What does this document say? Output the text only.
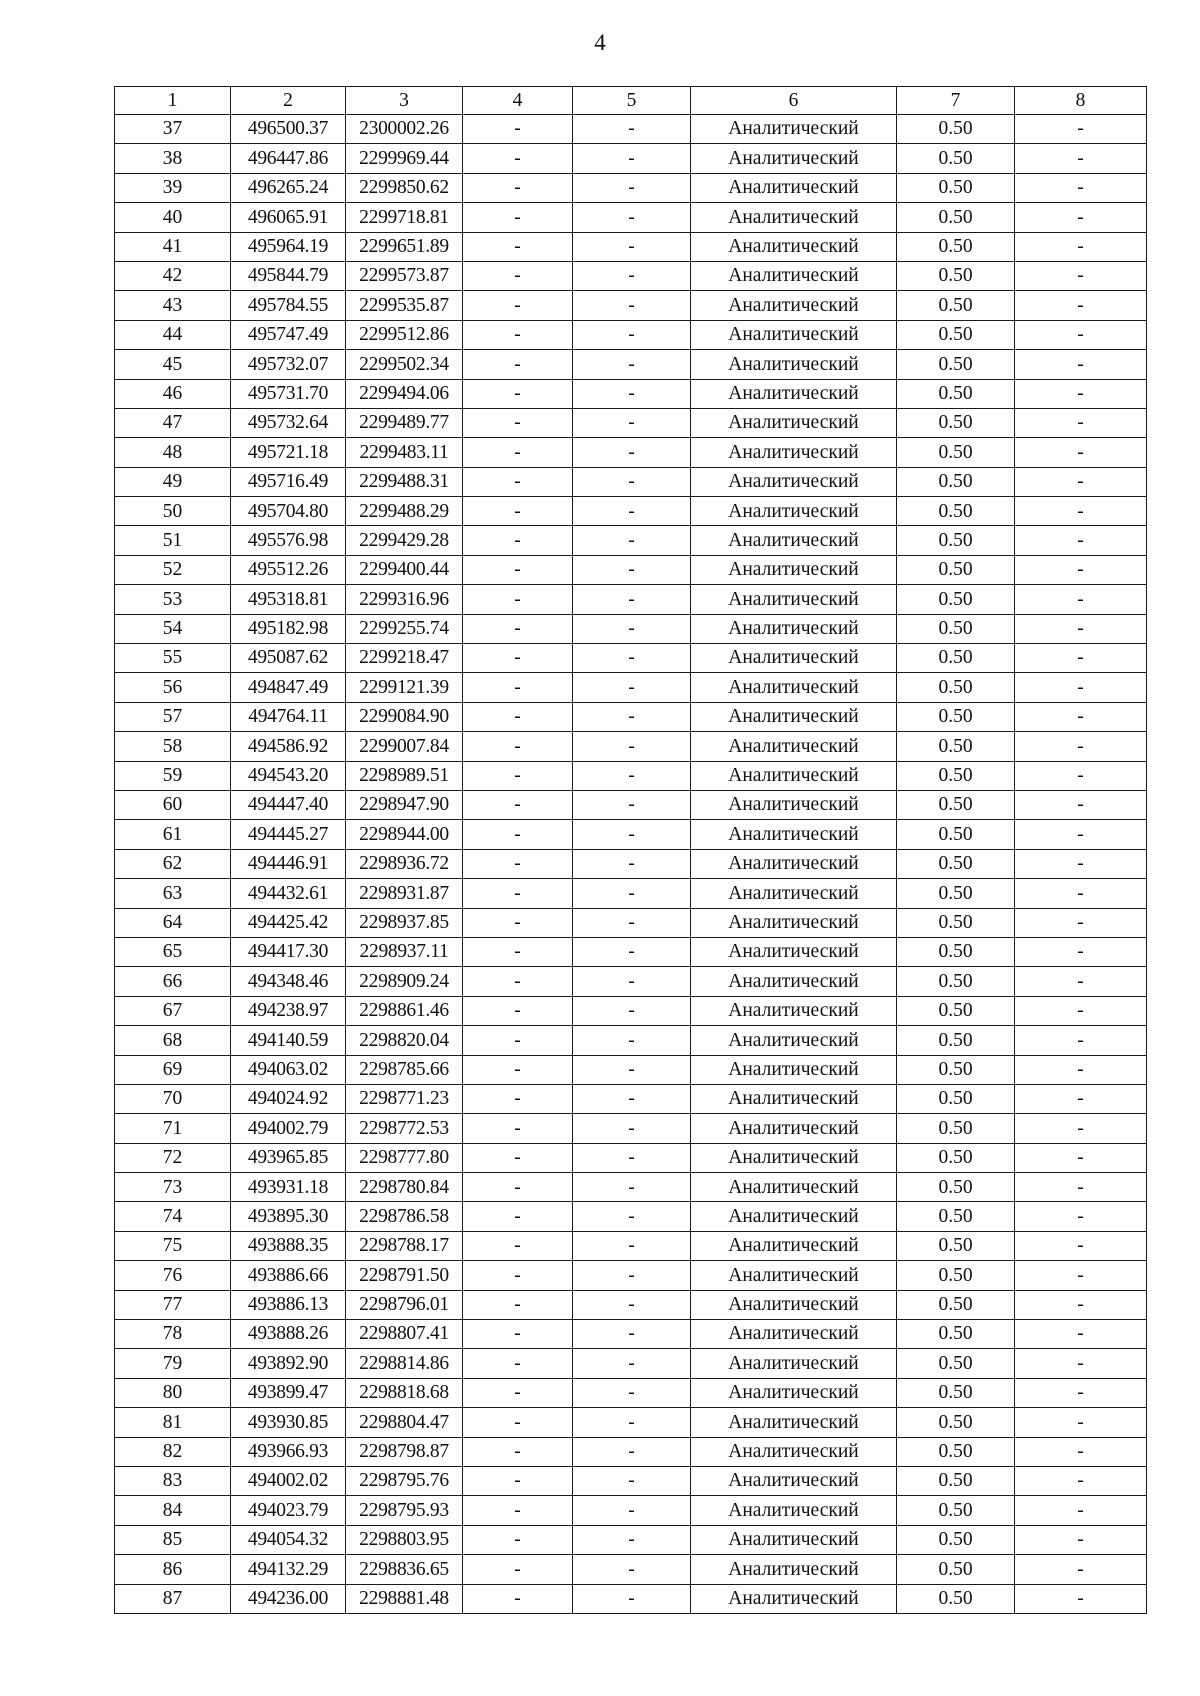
4
1	2	3	4	5	6	7	8
37	496500.37	2300002.26	-	-	Аналитический	0.50	-
38	496447.86	2299969.44	-	-	Аналитический	0.50	-
39	496265.24	2299850.62	-	-	Аналитический	0.50	-
40	496065.91	2299718.81	-	-	Аналитический	0.50	-
41	495964.19	2299651.89	-	-	Аналитический	0.50	-
42	495844.79	2299573.87	-	-	Аналитический	0.50	-
43	495784.55	2299535.87	-	-	Аналитический	0.50	-
44	495747.49	2299512.86	-	-	Аналитический	0.50	-
45	495732.07	2299502.34	-	-	Аналитический	0.50	-
46	495731.70	2299494.06	-	-	Аналитический	0.50	-
47	495732.64	2299489.77	-	-	Аналитический	0.50	-
48	495721.18	2299483.11	-	-	Аналитический	0.50	-
49	495716.49	2299488.31	-	-	Аналитический	0.50	-
50	495704.80	2299488.29	-	-	Аналитический	0.50	-
51	495576.98	2299429.28	-	-	Аналитический	0.50	-
52	495512.26	2299400.44	-	-	Аналитический	0.50	-
53	495318.81	2299316.96	-	-	Аналитический	0.50	-
54	495182.98	2299255.74	-	-	Аналитический	0.50	-
55	495087.62	2299218.47	-	-	Аналитический	0.50	-
56	494847.49	2299121.39	-	-	Аналитический	0.50	-
57	494764.11	2299084.90	-	-	Аналитический	0.50	-
58	494586.92	2299007.84	-	-	Аналитический	0.50	-
59	494543.20	2298989.51	-	-	Аналитический	0.50	-
60	494447.40	2298947.90	-	-	Аналитический	0.50	-
61	494445.27	2298944.00	-	-	Аналитический	0.50	-
62	494446.91	2298936.72	-	-	Аналитический	0.50	-
63	494432.61	2298931.87	-	-	Аналитический	0.50	-
64	494425.42	2298937.85	-	-	Аналитический	0.50	-
65	494417.30	2298937.11	-	-	Аналитический	0.50	-
66	494348.46	2298909.24	-	-	Аналитический	0.50	-
67	494238.97	2298861.46	-	-	Аналитический	0.50	-
68	494140.59	2298820.04	-	-	Аналитический	0.50	-
69	494063.02	2298785.66	-	-	Аналитический	0.50	-
70	494024.92	2298771.23	-	-	Аналитический	0.50	-
71	494002.79	2298772.53	-	-	Аналитический	0.50	-
72	493965.85	2298777.80	-	-	Аналитический	0.50	-
73	493931.18	2298780.84	-	-	Аналитический	0.50	-
74	493895.30	2298786.58	-	-	Аналитический	0.50	-
75	493888.35	2298788.17	-	-	Аналитический	0.50	-
76	493886.66	2298791.50	-	-	Аналитический	0.50	-
77	493886.13	2298796.01	-	-	Аналитический	0.50	-
78	493888.26	2298807.41	-	-	Аналитический	0.50	-
79	493892.90	2298814.86	-	-	Аналитический	0.50	-
80	493899.47	2298818.68	-	-	Аналитический	0.50	-
81	493930.85	2298804.47	-	-	Аналитический	0.50	-
82	493966.93	2298798.87	-	-	Аналитический	0.50	-
83	494002.02	2298795.76	-	-	Аналитический	0.50	-
84	494023.79	2298795.93	-	-	Аналитический	0.50	-
85	494054.32	2298803.95	-	-	Аналитический	0.50	-
86	494132.29	2298836.65	-	-	Аналитический	0.50	-
87	494236.00	2298881.48	-	-	Аналитический	0.50	-
